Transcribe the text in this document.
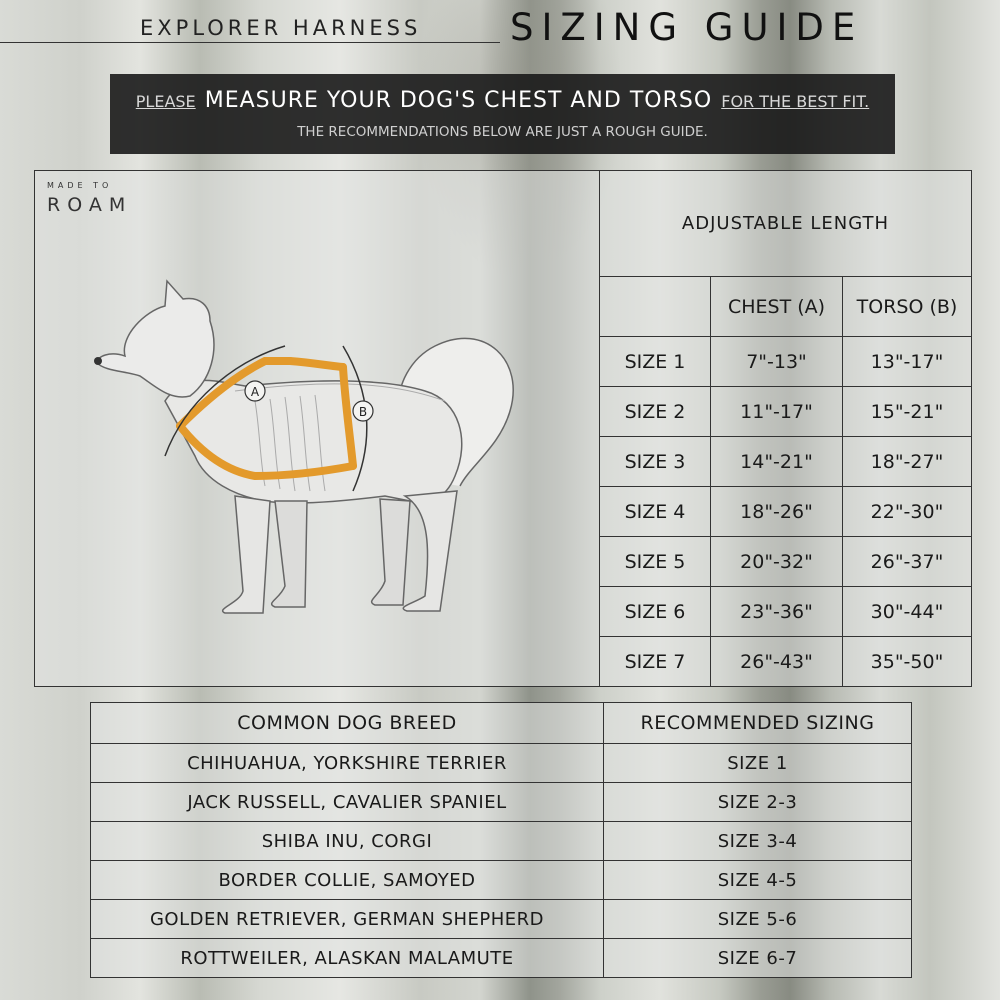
EXPLORER HARNESS SIZING GUIDE
PLEASE MEASURE YOUR DOG'S CHEST AND TORSO FOR THE BEST FIT.
THE RECOMMENDATIONS BELOW ARE JUST A ROUGH GUIDE.
MADE TO
ROAM
A
B
ADJUSTABLE LENGTH		
	CHEST (A)	TORSO (B)
SIZE 1	7"-13"	13"-17"
SIZE 2	11"-17"	15"-21"
SIZE 3	14"-21"	18"-27"
SIZE 4	18"-26"	22"-30"
SIZE 5	20"-32"	26"-37"
SIZE 6	23"-36"	30"-44"
SIZE 7	26"-43"	35"-50"
COMMON DOG BREED	RECOMMENDED SIZING
CHIHUAHUA, YORKSHIRE TERRIER	SIZE 1
JACK RUSSELL, CAVALIER SPANIEL	SIZE 2-3
SHIBA INU, CORGI	SIZE 3-4
BORDER COLLIE, SAMOYED	SIZE 4-5
GOLDEN RETRIEVER, GERMAN SHEPHERD	SIZE 5-6
ROTTWEILER, ALASKAN MALAMUTE	SIZE 6-7
